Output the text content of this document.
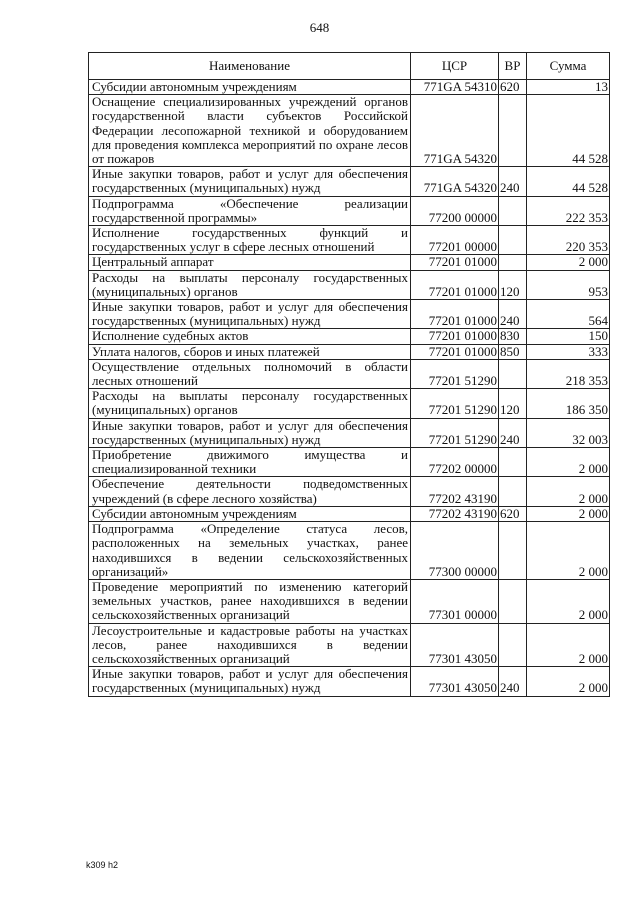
648
Наименование	ЦСР	ВР	Сумма
Субсидии автономным учреждениям	771GA 54310	620	13
Оснащение специализированных учреждений органов государственной власти субъектов Российской Федерации лесопожарной техникой и оборудованием для проведения комплекса мероприятий по охране лесов от пожаров	771GA 54320		44 528
Иные закупки товаров, работ и услуг для обеспечения государственных (муниципальных) нужд	771GA 54320	240	44 528
Подпрограмма «Обеспечение реализации государственной программы»	77200 00000		222 353
Исполнение государственных функций и государственных услуг в сфере лесных отношений	77201 00000		220 353
Центральный аппарат	77201 01000		2 000
Расходы на выплаты персоналу государственных (муниципальных) органов	77201 01000	120	953
Иные закупки товаров, работ и услуг для обеспечения государственных (муниципальных) нужд	77201 01000	240	564
Исполнение судебных актов	77201 01000	830	150
Уплата налогов, сборов и иных платежей	77201 01000	850	333
Осуществление отдельных полномочий в области лесных отношений	77201 51290		218 353
Расходы на выплаты персоналу государственных (муниципальных) органов	77201 51290	120	186 350
Иные закупки товаров, работ и услуг для обеспечения государственных (муниципальных) нужд	77201 51290	240	32 003
Приобретение движимого имущества и специализированной техники	77202 00000		2 000
Обеспечение деятельности подведомственных учреждений (в сфере лесного хозяйства)	77202 43190		2 000
Субсидии автономным учреждениям	77202 43190	620	2 000
Подпрограмма «Определение статуса лесов, расположенных на земельных участках, ранее находившихся в ведении сельскохозяйственных организаций»	77300 00000		2 000
Проведение мероприятий по изменению категорий земельных участков, ранее находившихся в ведении сельскохозяйственных организаций	77301 00000		2 000
Лесоустроительные и кадастровые работы на участках лесов, ранее находившихся в ведении сельскохозяйственных организаций	77301 43050		2 000
Иные закупки товаров, работ и услуг для обеспечения государственных (муниципальных) нужд	77301 43050	240	2 000
k309 h2
